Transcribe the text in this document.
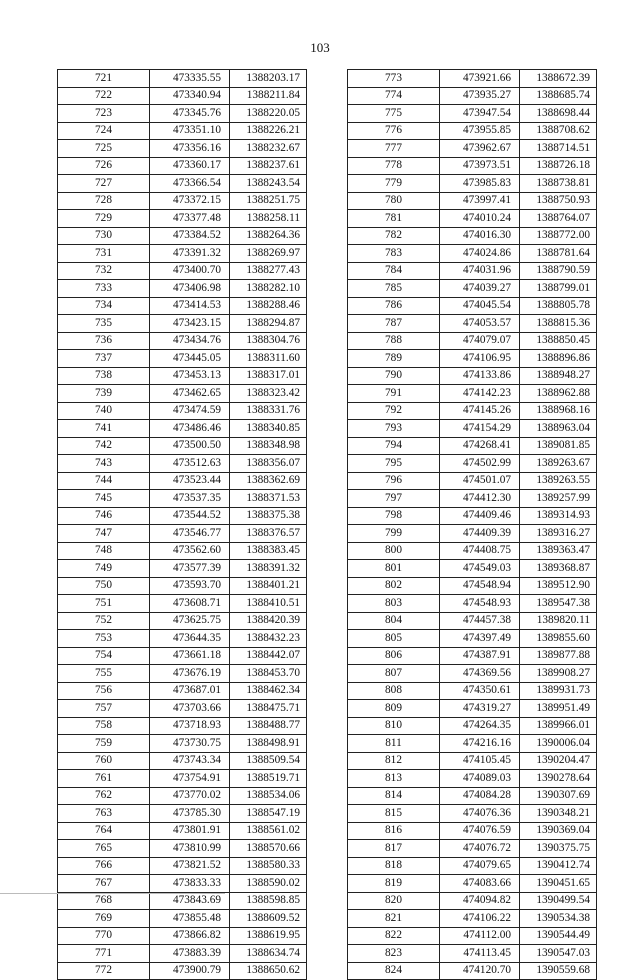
103
721	473335.55	1388203.17
722	473340.94	1388211.84
723	473345.76	1388220.05
724	473351.10	1388226.21
725	473356.16	1388232.67
726	473360.17	1388237.61
727	473366.54	1388243.54
728	473372.15	1388251.75
729	473377.48	1388258.11
730	473384.52	1388264.36
731	473391.32	1388269.97
732	473400.70	1388277.43
733	473406.98	1388282.10
734	473414.53	1388288.46
735	473423.15	1388294.87
736	473434.76	1388304.76
737	473445.05	1388311.60
738	473453.13	1388317.01
739	473462.65	1388323.42
740	473474.59	1388331.76
741	473486.46	1388340.85
742	473500.50	1388348.98
743	473512.63	1388356.07
744	473523.44	1388362.69
745	473537.35	1388371.53
746	473544.52	1388375.38
747	473546.77	1388376.57
748	473562.60	1388383.45
749	473577.39	1388391.32
750	473593.70	1388401.21
751	473608.71	1388410.51
752	473625.75	1388420.39
753	473644.35	1388432.23
754	473661.18	1388442.07
755	473676.19	1388453.70
756	473687.01	1388462.34
757	473703.66	1388475.71
758	473718.93	1388488.77
759	473730.75	1388498.91
760	473743.34	1388509.54
761	473754.91	1388519.71
762	473770.02	1388534.06
763	473785.30	1388547.19
764	473801.91	1388561.02
765	473810.99	1388570.66
766	473821.52	1388580.33
767	473833.33	1388590.02
768	473843.69	1388598.85
769	473855.48	1388609.52
770	473866.82	1388619.95
771	473883.39	1388634.74
772	473900.79	1388650.62
773	473921.66	1388672.39
774	473935.27	1388685.74
775	473947.54	1388698.44
776	473955.85	1388708.62
777	473962.67	1388714.51
778	473973.51	1388726.18
779	473985.83	1388738.81
780	473997.41	1388750.93
781	474010.24	1388764.07
782	474016.30	1388772.00
783	474024.86	1388781.64
784	474031.96	1388790.59
785	474039.27	1388799.01
786	474045.54	1388805.78
787	474053.57	1388815.36
788	474079.07	1388850.45
789	474106.95	1388896.86
790	474133.86	1388948.27
791	474142.23	1388962.88
792	474145.26	1388968.16
793	474154.29	1388963.04
794	474268.41	1389081.85
795	474502.99	1389263.67
796	474501.07	1389263.55
797	474412.30	1389257.99
798	474409.46	1389314.93
799	474409.39	1389316.27
800	474408.75	1389363.47
801	474549.03	1389368.87
802	474548.94	1389512.90
803	474548.93	1389547.38
804	474457.38	1389820.11
805	474397.49	1389855.60
806	474387.91	1389877.88
807	474369.56	1389908.27
808	474350.61	1389931.73
809	474319.27	1389951.49
810	474264.35	1389966.01
811	474216.16	1390006.04
812	474105.45	1390204.47
813	474089.03	1390278.64
814	474084.28	1390307.69
815	474076.36	1390348.21
816	474076.59	1390369.04
817	474076.72	1390375.75
818	474079.65	1390412.74
819	474083.66	1390451.65
820	474094.82	1390499.54
821	474106.22	1390534.38
822	474112.00	1390544.49
823	474113.45	1390547.03
824	474120.70	1390559.68
